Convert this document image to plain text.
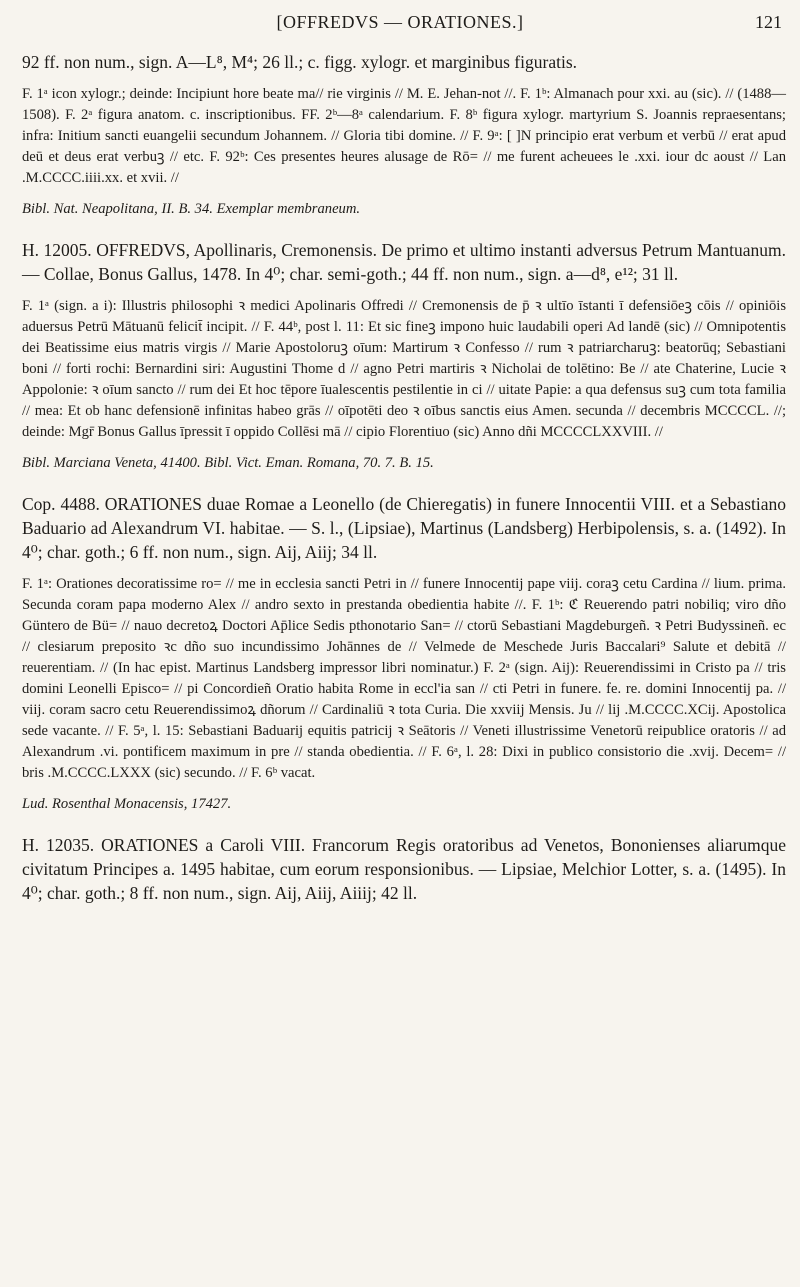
[OFFREDVS — ORATIONES.]	121

92 ff. non num., sign. A—L⁸, M⁴; 26 ll.; c. figg. xylogr. et marginibus figuratis.

F. 1ᵃ icon xylogr.; deinde: Incipiunt hore beate ma// rie virginis // M. E. Jehan-not //. F. 1ᵇ: Almanach pour xxi. au (sic). // (1488—1508). F. 2ᵃ figura anatom. c. inscriptionibus. FF. 2ᵇ—8ᵃ calendarium. F. 8ᵇ figura xylogr. martyrium S. Joannis repraesentans; infra: Initium sancti euangelii secundum Johannem. // Gloria tibi domine. // F. 9ᵃ: [ ]N principio erat verbum et verbū // erat apud deū et deus erat verbuꝫ // etc. F. 92ᵇ: Ces presentes heures alusage de Rō= // me furent acheuees le .xxi. iour dc aoust // Lan .M.CCCC.iiii.xx. et xvii. //

Bibl. Nat. Neapolitana, II. B. 34. Exemplar membraneum.

H. 12005. OFFREDVS, Apollinaris, Cremonensis. De primo et ultimo instanti adversus Petrum Mantuanum. — Collae, Bonus Gallus, 1478. In 4⁰; char. semi-goth.; 44 ff. non num., sign. a—d⁸, e¹²; 31 ll.

F. 1ᵃ (sign. a i): Illustris philosophi ꝛ medici Apolinaris Offredi // Cremonensis de p̄ ꝛ ultīo īstanti ī defensiōeꝫ cōis // opiniōis aduersus Petrū Mātuanū felicit̄ incipit. // F. 44ᵇ, post l. 11: Et sic fineꝫ impono huic laudabili operi Ad landē (sic) // Omnipotentis dei Beatissime eius matris virgis // Marie Apostoloruꝫ oīum: Martirum ꝛ Confesso // rum ꝛ patriarcharuꝫ: beatorūq; Sebastiani boni // forti rochi: Bernardini siri: Augustini Thome d // agno Petri martiris ꝛ Nicholai de tolētino: Be // ate Chaterine, Lucie ꝛ Appolonie: ꝛ oīum sancto // rum dei Et hoc tēpore īualescentis pestilentie in ci // uitate Papie: a qua defensus suꝫ cum tota familia // mea: Et ob hanc defensionē infinitas habeo grās // oīpotēti deo ꝛ oībus sanctis eius Amen. secunda // decembris MCCCCL. //; deinde: Mgr̄ Bonus Gallus īpressit ī oppido Collēsi mā // cipio Florentiuo (sic) Anno dñi MCCCCLXXVIII. //

Bibl. Marciana Veneta, 41400. Bibl. Vict. Eman. Romana, 70. 7. B. 15.

Cop. 4488. ORATIONES duae Romae a Leonello (de Chieregatis) in funere Innocentii VIII. et a Sebastiano Baduario ad Alexandrum VI. habitae. — S. l., (Lipsiae), Martinus (Landsberg) Herbipolensis, s. a. (1492). In 4⁰; char. goth.; 6 ff. non num., sign. Aij, Aiij; 34 ll.

F. 1ᵃ: Orationes decoratissime ro= // me in ecclesia sancti Petri in // funere Innocentij pape viij. coraꝫ cetu Cardina // lium. prima. Secunda coram papa moderno Alex // andro sexto in prestanda obedientia habite //. F. 1ᵇ: ℭ Reuerendo patri nobiliq; viro dño Güntero de Bü= // nauo decretoꝝ Doctori Ap̄lice Sedis pthonotario San= // ctorū Sebastiani Magdeburgeñ. ꝛ Petri Budyssineñ. ec // clesiarum preposito ꝛc dño suo incundissimo Johānnes de // Velmede de Meschede Juris Baccalari⁹ Salute et debitā // reuerentiam. // (In hac epist. Martinus Landsberg impressor libri nominatur.) F. 2ᵃ (sign. Aij): Reuerendissimi in Cristo pa // tris domini Leonelli Episco= // pi Concordieñ Oratio habita Rome in eccl'ia san // cti Petri in funere. fe. re. domini Innocentij pa. // viij. coram sacro cetu Reuerendissimoꝝ dñorum // Cardinaliū ꝛ tota Curia. Die xxviij Mensis. Ju // lij .M.CCCC.XCij. Apostolica sede vacante. // F. 5ᵃ, l. 15: Sebastiani Baduarij equitis patricij ꝛ Seātoris // Veneti illustrissime Venetorū reipublice oratoris // ad Alexandrum .vi. pontificem maximum in pre // standa obedientia. // F. 6ᵃ, l. 28: Dixi in publico consistorio die .xvij. Decem= // bris .M.CCCC.LXXX (sic) secundo. // F. 6ᵇ vacat.

Lud. Rosenthal Monacensis, 17427.

H. 12035. ORATIONES a Caroli VIII. Francorum Regis oratoribus ad Venetos, Bononienses aliarumque civitatum Principes a. 1495 habitae, cum eorum responsionibus. — Lipsiae, Melchior Lotter, s. a. (1495). In 4⁰; char. goth.; 8 ff. non num., sign. Aij, Aiij, Aiiij; 42 ll.
